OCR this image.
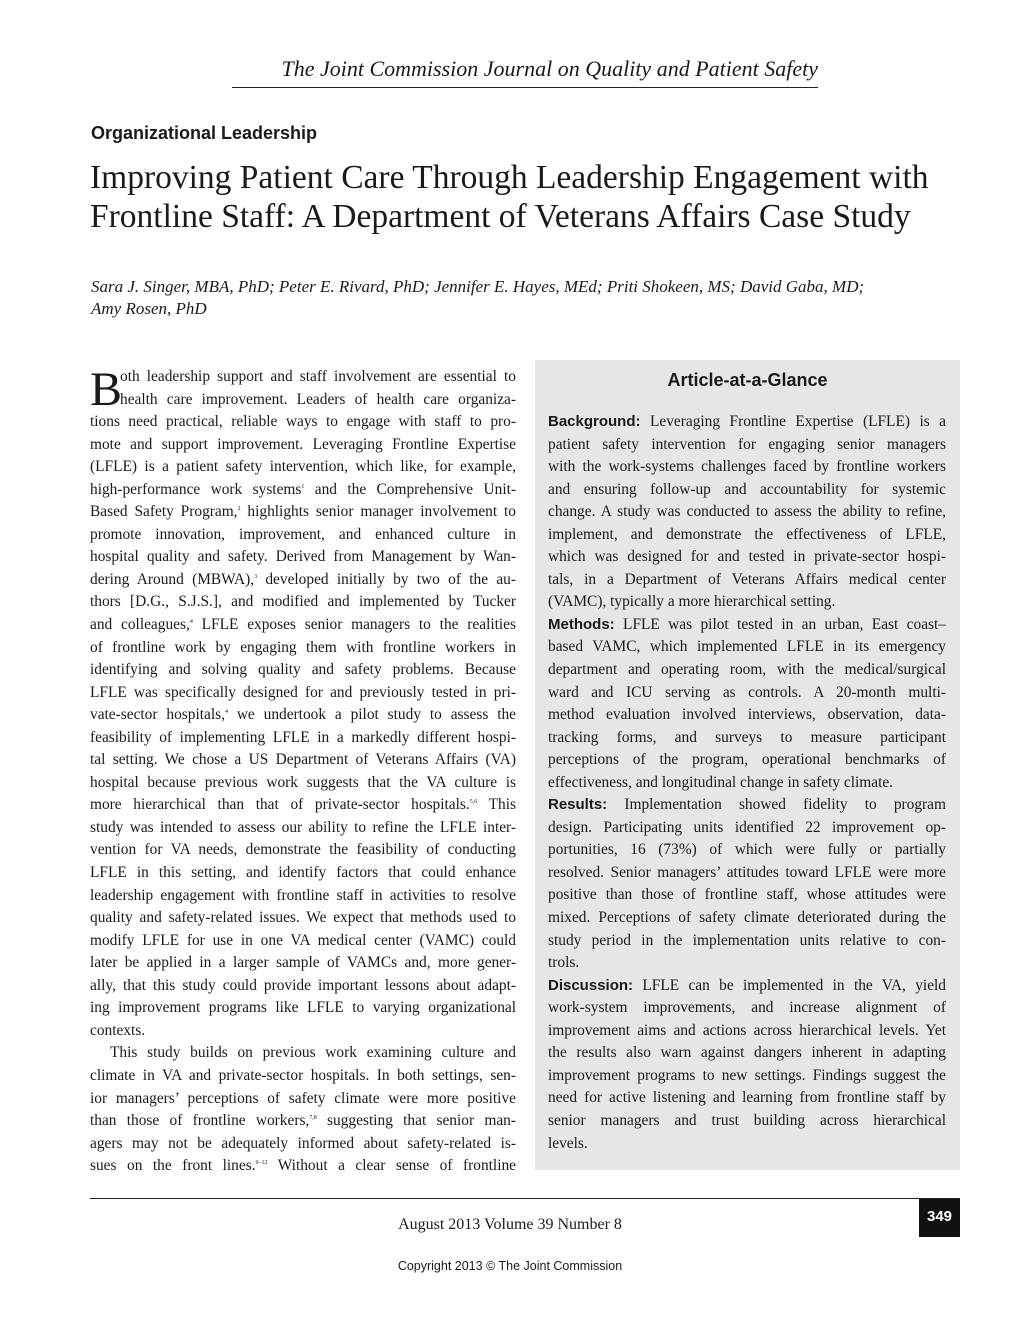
The Joint Commission Journal on Quality and Patient Safety
Organizational Leadership
Improving Patient Care Through Leadership Engagement with
Frontline Staff: A Department of Veterans Affairs Case Study
Sara J. Singer, MBA, PhD; Peter E. Rivard, PhD; Jennifer E. Hayes, MEd; Priti Shokeen, MS; David Gaba, MD;
Amy Rosen, PhD
B
oth leadership support and staff involvement are essential to
health care improvement. Leaders of health care organiza-
tions need practical, reliable ways to engage with staff to pro-
mote and support improvement. Leveraging Frontline Expertise
(LFLE) is a patient safety intervention, which like, for example,
high-performance work systems$^1$ and the Comprehensive Unit-
Based Safety Program,$^2$ highlights senior manager involvement to
promote innovation, improvement, and enhanced culture in
hospital quality and safety. Derived from Management by Wan-
dering Around (MBWA),$^3$ developed initially by two of the au-
thors [D.G., S.J.S.], and modified and implemented by Tucker
and colleagues,$^4$ LFLE exposes senior managers to the realities
of frontline work by engaging them with frontline workers in
identifying and solving quality and safety problems. Because
LFLE was specifically designed for and previously tested in pri-
vate-sector hospitals,$^4$ we undertook a pilot study to assess the
feasibility of implementing LFLE in a markedly different hospi-
tal setting. We chose a US Department of Veterans Affairs (VA)
hospital because previous work suggests that the VA culture is
more hierarchical than that of private-sector hospitals.$^{5,6}$ This
study was intended to assess our ability to refine the LFLE inter-
vention for VA needs, demonstrate the feasibility of conducting
LFLE in this setting, and identify factors that could enhance
leadership engagement with frontline staff in activities to resolve
quality and safety-related issues. We expect that methods used to
modify LFLE for use in one VA medical center (VAMC) could
later be applied in a larger sample of VAMCs and, more gener-
ally, that this study could provide important lessons about adapt-
ing improvement programs like LFLE to varying organizational
contexts.
This study builds on previous work examining culture and
climate in VA and private-sector hospitals. In both settings, sen-
ior managers’ perceptions of safety climate were more positive
than those of frontline workers,$^{7,8}$ suggesting that senior man-
agers may not be adequately informed about safety-related is-
sues on the front lines.$^{9-12}$ Without a clear sense of frontline
Article-at-a-Glance
Background: Leveraging Frontline Expertise (LFLE) is a
patient safety intervention for engaging senior managers
with the work-systems challenges faced by frontline workers
and ensuring follow-up and accountability for systemic
change. A study was conducted to assess the ability to refine,
implement, and demonstrate the effectiveness of LFLE,
which was designed for and tested in private-sector hospi-
tals, in a Department of Veterans Affairs medical center
(VAMC), typically a more hierarchical setting.
Methods: LFLE was pilot tested in an urban, East coast–
based VAMC, which implemented LFLE in its emergency
department and operating room, with the medical/surgical
ward and ICU serving as controls. A 20-month multi-
method evaluation involved interviews, observation, data-
tracking forms, and surveys to measure participant
perceptions of the program, operational benchmarks of
effectiveness, and longitudinal change in safety climate.
Results: Implementation showed fidelity to program
design. Participating units identified 22 improvement op-
portunities, 16 (73%) of which were fully or partially
resolved. Senior managers’ attitudes toward LFLE were more
positive than those of frontline staff, whose attitudes were
mixed. Perceptions of safety climate deteriorated during the
study period in the implementation units relative to con-
trols.
Discussion: LFLE can be implemented in the VA, yield
work-system improvements, and increase alignment of
improvement aims and actions across hierarchical levels. Yet
the results also warn against dangers inherent in adapting
improvement programs to new settings. Findings suggest the
need for active listening and learning from frontline staff by
senior managers and trust building across hierarchical
levels.
349
August 2013 Volume 39 Number 8
Copyright 2013 © The Joint Commission
